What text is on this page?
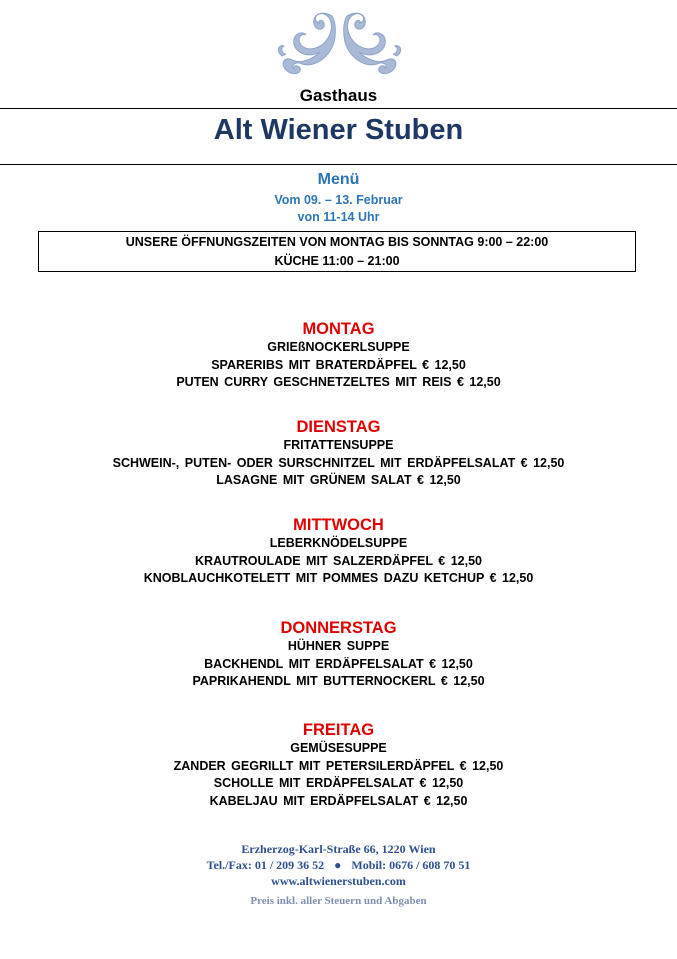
Gasthaus
Alt Wiener Stuben
Menü
Vom 09. – 13. Februar
von 11-14 Uhr
UNSERE ÖFFNUNGSZEITEN VON MONTAG BIS SONNTAG 9:00 – 22:00
KÜCHE 11:00 – 21:00
MONTAG
GRIEßNOCKERLSUPPE
SPARERIBS MIT BRATERDÄPFEL € 12,50
PUTEN CURRY GESCHNETZELTES MIT REIS € 12,50
DIENSTAG
FRITATTENSUPPE
SCHWEIN-, PUTEN- ODER SURSCHNITZEL MIT ERDÄPFELSALAT € 12,50
LASAGNE MIT GRÜNEM SALAT € 12,50
MITTWOCH
LEBERKNÖDELSUPPE
KRAUTROULADE MIT SALZERDÄPFEL € 12,50
KNOBLAUCHKOTELETT MIT POMMES DAZU KETCHUP € 12,50
DONNERSTAG
HÜHNER SUPPE
BACKHENDL MIT ERDÄPFELSALAT € 12,50
PAPRIKAHENDL MIT BUTTERNOCKERL € 12,50
FREITAG
GEMÜSESUPPE
ZANDER GEGRILLT MIT PETERSILERDÄPFEL € 12,50
SCHOLLE MIT ERDÄPFELSALAT € 12,50
KABELJAU MIT ERDÄPFELSALAT € 12,50
Erzherzog-Karl-Straße 66, 1220 Wien
Tel./Fax: 01 / 209 36 52 ● Mobil: 0676 / 608 70 51
www.altwienerstuben.com
Preis inkl. aller Steuern und Abgaben
